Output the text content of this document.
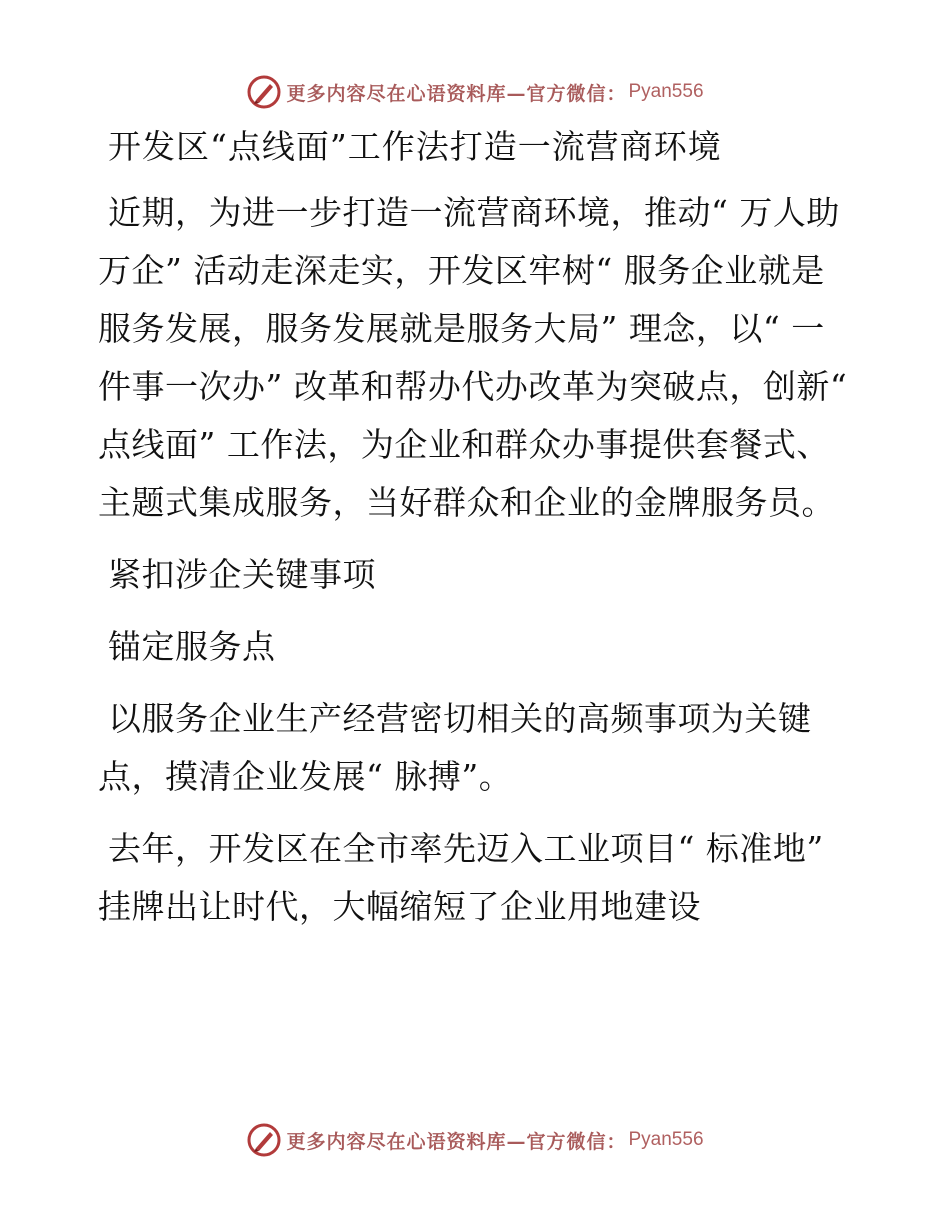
更多内容尽在心语资料库—官方微信： Pyan556
开发区“点线面”工作法打造一流营商环境

近期，为进一步打造一流营商环境，推动“ 万人助万企” 活动走深走实，开发区牢树“ 服务企业就是服务发展，服务发展就是服务大局” 理念，以“ 一件事一次办” 改革和帮办代办改革为突破点，创新“ 点线面” 工作法，为企业和群众办事提供套餐式、主题式集成服务，当好群众和企业的金牌服务员。

紧扣涉企关键事项

锚定服务点

以服务企业生产经营密切相关的高频事项为关键点，摸清企业发展“ 脉搏”。

去年，开发区在全市率先迈入工业项目“ 标准地” 挂牌出让时代，大幅缩短了企业用地建设

更多内容尽在心语资料库—官方微信： Pyan556
